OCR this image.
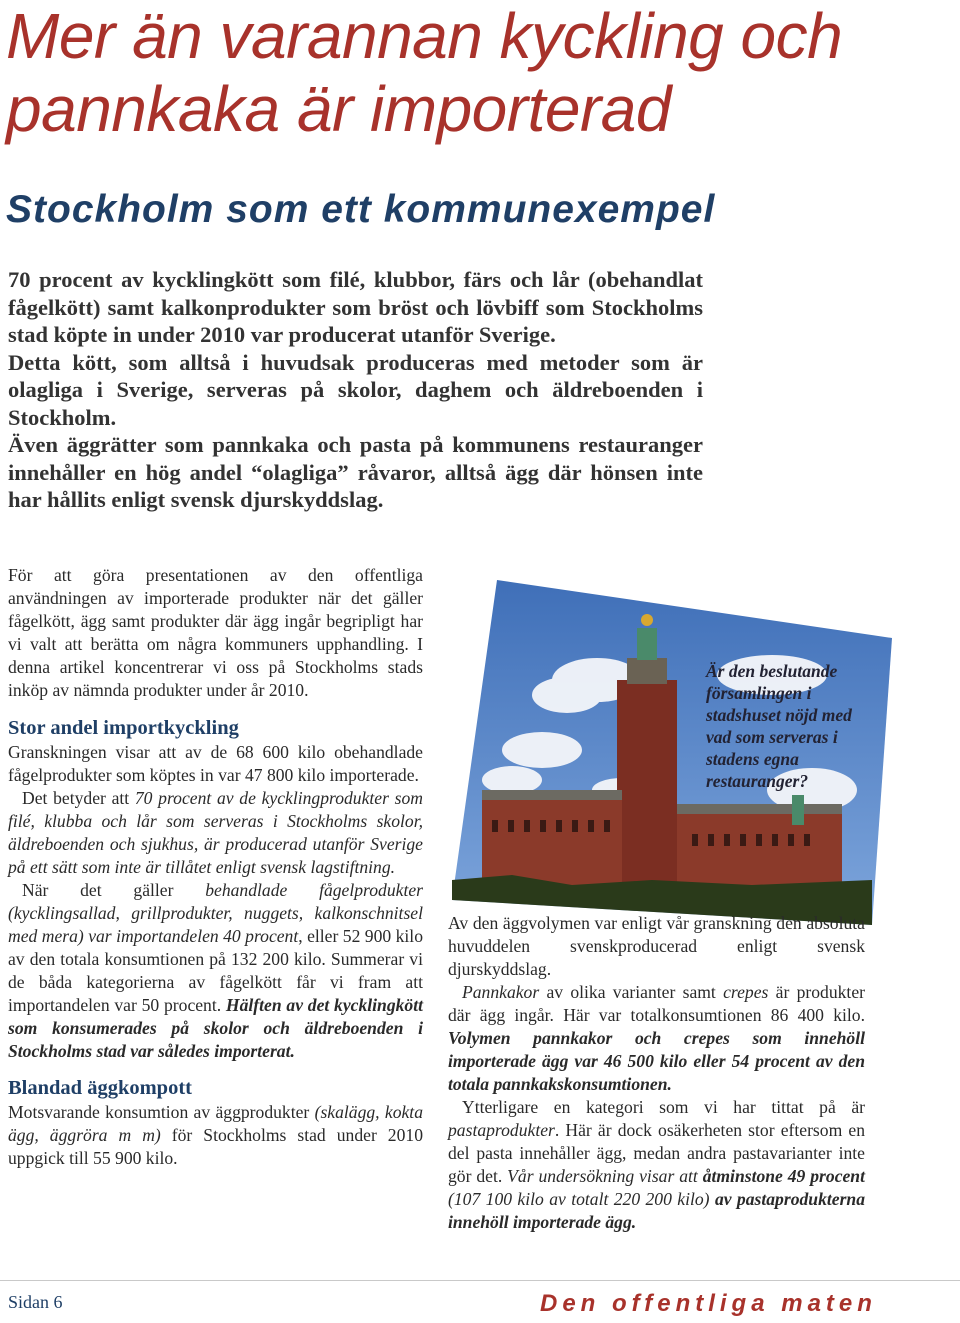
Mer än varannan kyckling och pannkaka är importerad
Stockholm som ett kommunexempel

70 procent av kycklingkött som filé, klubbor, färs och lår (obehandlat fågelkött) samt kalkonprodukter som bröst och lövbiff som Stockholms stad köpte in under 2010 var producerat utanför Sverige.

Detta kött, som alltså i huvudsak produceras med metoder som är olagliga i Sverige, serveras på skolor, daghem och äldreboenden i Stockholm.

Även äggrätter som pannkaka och pasta på kommunens restauranger innehåller en hög andel “olagliga” råvaror, alltså ägg där hönsen inte har hållits enligt svensk djurskyddslag.

För att göra presentationen av den offentliga användningen av importerade produkter när det gäller fågelkött, ägg samt produkter där ägg ingår begripligt har vi valt att berätta om några kommuners upphandling. I denna artikel koncentrerar vi oss på Stockholms stads inköp av nämnda produkter under år 2010.

Stor andel importkyckling

Granskningen visar att av de 68 600 kilo obehandlade fågelprodukter som köptes in var 47 800 kilo importerade.

Det betyder att 70 procent av de kycklingprodukter som filé, klubba och lår som serveras i Stockholms skolor, äldreboenden och sjukhus, är producerad utanför Sverige på ett sätt som inte är tillåtet enligt svensk lagstiftning.

När det gäller behandlade fågelprodukter (kycklingsallad, grillprodukter, nuggets, kalkonschnitsel med mera) var importandelen 40 procent, eller 52 900 kilo av den totala konsumtionen på 132 200 kilo. Summerar vi de båda kategorierna av fågelkött får vi fram att importandelen var 50 procent. Hälften av det kycklingkött som konsumerades på skolor och äldreboenden i Stockholms stad var således importerat.

Blandad äggkompott

Motsvarande konsumtion av äggprodukter (skalägg, kokta ägg, äggröra m m) för Stockholms stad under 2010 uppgick till 55 900 kilo.

Är den beslutande församlingen i stadshuset nöjd med vad som serveras i stadens egna restauranger?

Av den äggvolymen var enligt vår granskning den absoluta huvuddelen svenskproducerad enligt svensk djurskyddslag.

Pannkakor av olika varianter samt crepes är produkter där ägg ingår. Här var totalkonsumtionen 86 400 kilo. Volymen pannkakor och crepes som innehöll importerade ägg var 46 500 kilo eller 54 procent av den totala pannkakskonsumtionen.

Ytterligare en kategori som vi har tittat på är pastaprodukter. Här är dock osäkerheten stor eftersom en del pasta innehåller ägg, medan andra pastavarianter inte gör det. Vår undersökning visar att åtminstone 49 procent (107 100 kilo av totalt 220 200 kilo) av pastaprodukterna innehöll importerade ägg.

Sidan 6	Den offentliga maten
